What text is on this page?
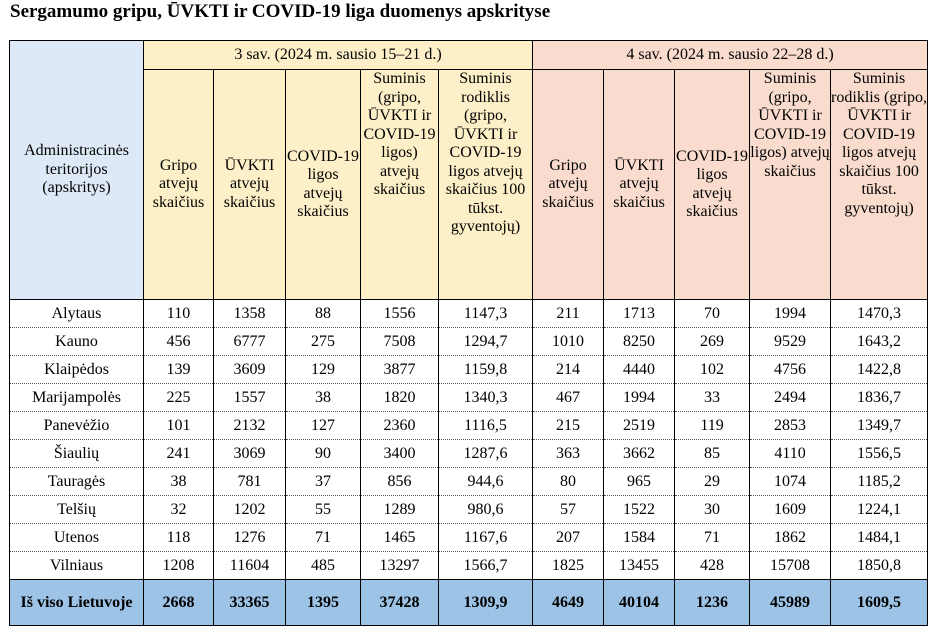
Sergamumo gripu, ŪVKTI ir COVID-19 liga duomenys apskrityse
Administracinės teritorijos (apskritys)	3 sav. (2024 m. sausio 15–21 d.)					4 sav. (2024 m. sausio 22–28 d.)				
	Gripo atvejų skaičius	ŪVKTI atvejų skaičius	COVID-19 ligos atvejų skaičius	Suminis (gripo, ŪVKTI ir COVID-19 ligos) atvejų skaičius	Suminis rodiklis (gripo, ŪVKTI ir COVID-19 ligos atvejų skaičius 100 tūkst. gyventojų)	Gripo atvejų skaičius	ŪVKTI atvejų skaičius	COVID-19 ligos atvejų skaičius	Suminis (gripo, ŪVKTI ir COVID-19 ligos) atvejų skaičius	Suminis rodiklis (gripo, ŪVKTI ir COVID-19 ligos atvejų skaičius 100 tūkst. gyventojų)
Alytaus	110	1358	88	1556	1147,3	211	1713	70	1994	1470,3
Kauno	456	6777	275	7508	1294,7	1010	8250	269	9529	1643,2
Klaipėdos	139	3609	129	3877	1159,8	214	4440	102	4756	1422,8
Marijampolės	225	1557	38	1820	1340,3	467	1994	33	2494	1836,7
Panevėžio	101	2132	127	2360	1116,5	215	2519	119	2853	1349,7
Šiaulių	241	3069	90	3400	1287,6	363	3662	85	4110	1556,5
Tauragės	38	781	37	856	944,6	80	965	29	1074	1185,2
Telšių	32	1202	55	1289	980,6	57	1522	30	1609	1224,1
Utenos	118	1276	71	1465	1167,6	207	1584	71	1862	1484,1
Vilniaus	1208	11604	485	13297	1566,7	1825	13455	428	15708	1850,8
Iš viso Lietuvoje	2668	33365	1395	37428	1309,9	4649	40104	1236	45989	1609,5
